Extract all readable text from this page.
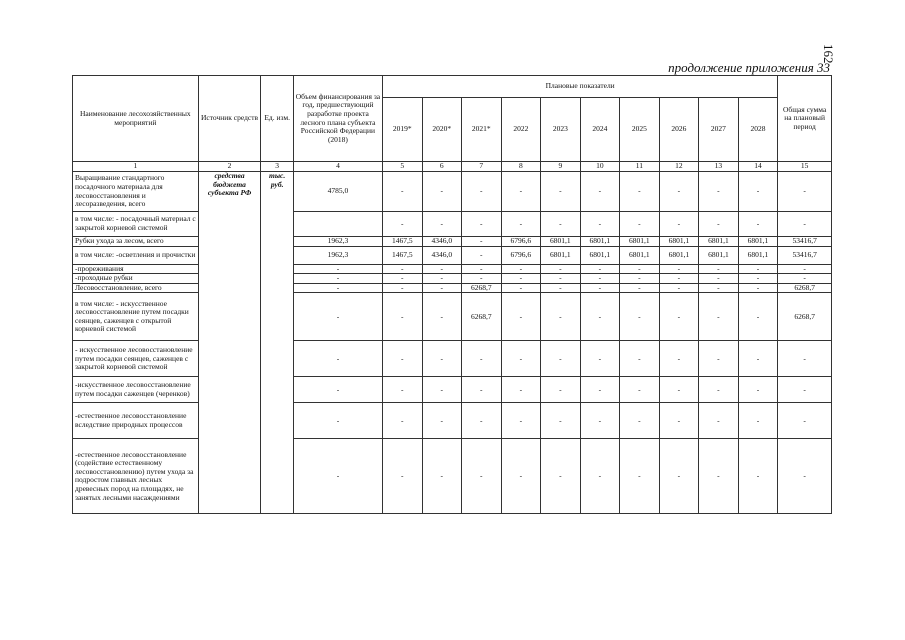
162
продолжение приложения 33
Наименование лесохозяйственных мероприятий	Источник средств	Ед. изм.	Объем финансирования за год, предшествующий разработке проекта лесного плана субъекта Российской Федерации (2018)	Плановые показатели										Общая сумма на плановый период
				2019*	2020*	2021*	2022	2023	2024	2025	2026	2027	2028	
1	2	3	4	5	6	7	8	9	10	11	12	13	14	15
Выращивание стандартного посадочного материала для лесовосстановления и лесоразведения, всего	средства бюджета субъекта РФ	тыс. руб.	4785,0	-	-	-	-	-	-	-	-	-	-	-
в том числе: - посадочный материал с закрытой корневой системой				-	-	-	-	-	-	-	-	-	-	-
Рубки ухода за лесом, всего			1962,3	1467,5	4346,0	-	6796,6	6801,1	6801,1	6801,1	6801,1	6801,1	6801,1	53416,7
в том числе: -осветления и прочистки			1962,3	1467,5	4346,0	-	6796,6	6801,1	6801,1	6801,1	6801,1	6801,1	6801,1	53416,7
-прореживания			-	-	-	-	-	-	-	-	-	-	-	-
-проходные рубки			-	-	-	-	-	-	-	-	-	-	-	-
Лесовосстановление, всего			-	-	-	6268,7	-	-	-	-	-	-	-	6268,7
в том числе: - искусственное лесовосстановление путем посадки сеянцев, саженцев с открытой корневой системой			-	-	-	6268,7	-	-	-	-	-	-	-	6268,7
- искусственное лесовосстановление путем посадки сеянцев, саженцев с закрытой корневой системой			-	-	-	-	-	-	-	-	-	-	-	-
-искусственное лесовосстановление путем посадки саженцев (черенков)			-	-	-	-	-	-	-	-	-	-	-	-
-естественное лесовосстановление вследствие природных процессов			-	-	-	-	-	-	-	-	-	-	-	-
-естественное лесовосстановление (содействие естественному лесовосстановлению) путем ухода за подростом главных лесных древесных пород на площадях, не занятых лесными насаждениями			-	-	-	-	-	-	-	-	-	-	-	-
